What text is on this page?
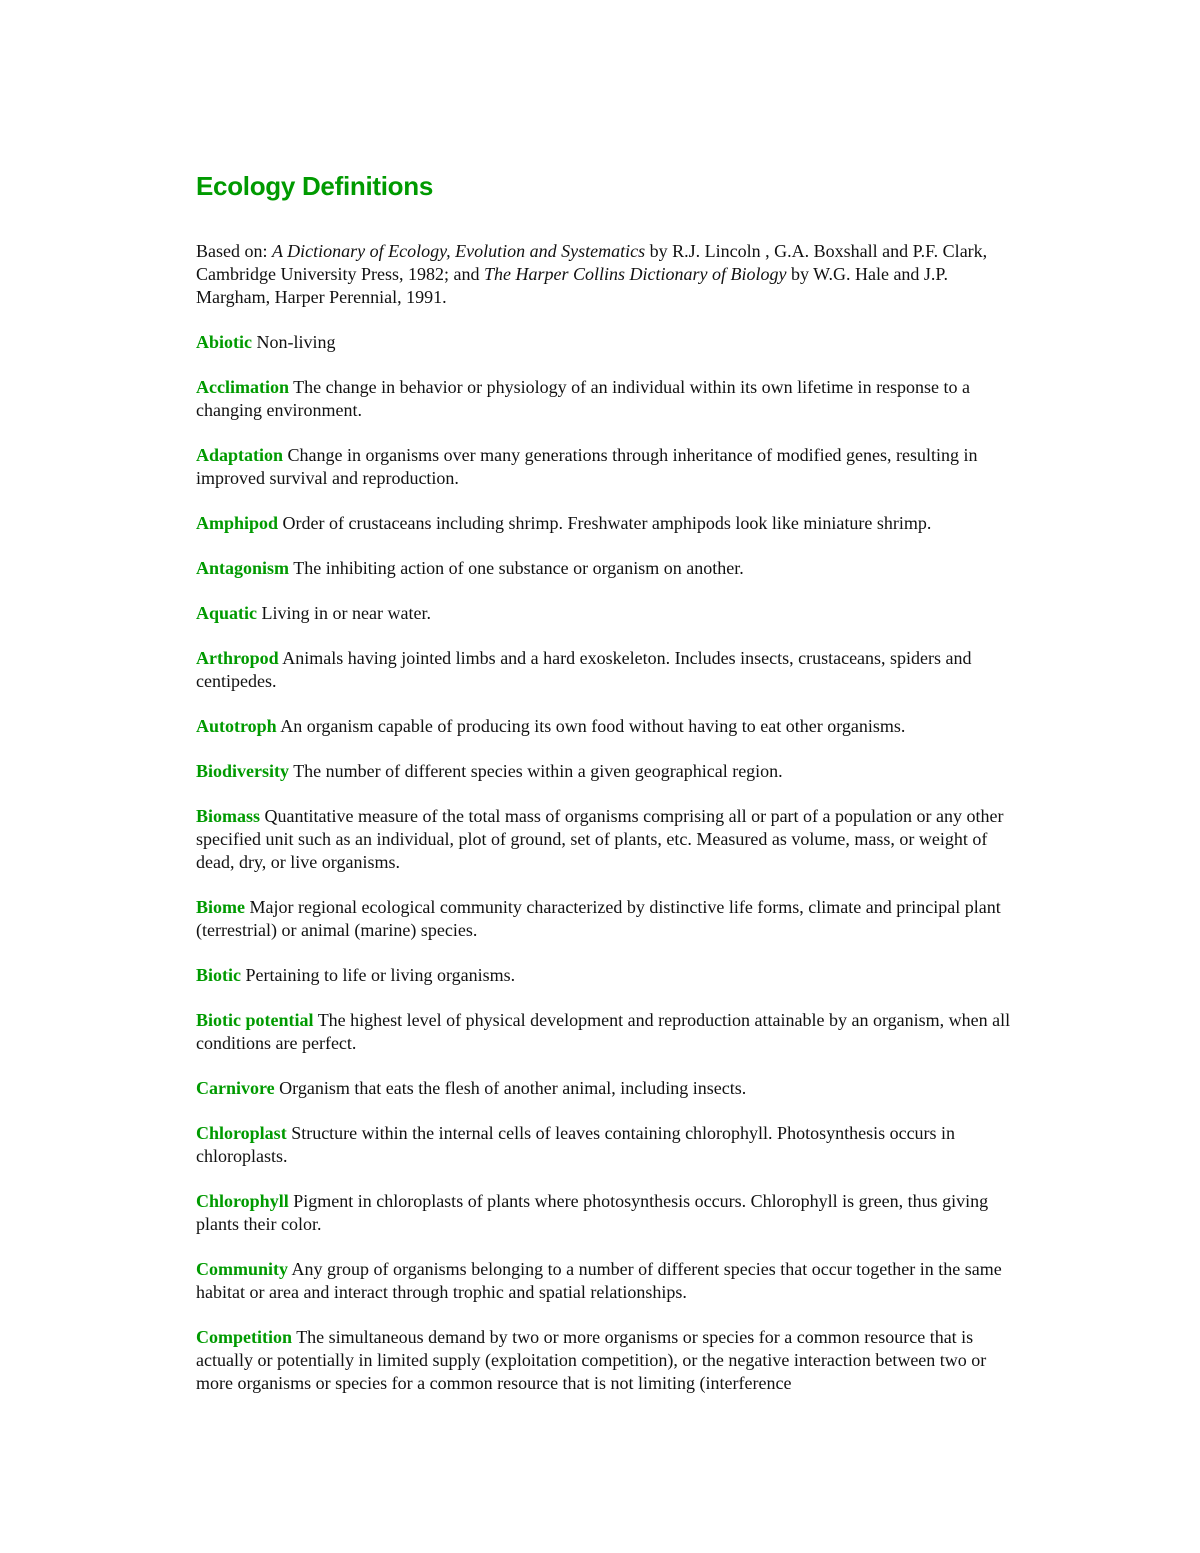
Ecology Definitions

Based on: A Dictionary of Ecology, Evolution and Systematics by R.J. Lincoln , G.A. Boxshall and P.F. Clark, Cambridge University Press, 1982; and The Harper Collins Dictionary of Biology by W.G. Hale and J.P. Margham, Harper Perennial, 1991.

Abiotic Non-living

Acclimation The change in behavior or physiology of an individual within its own lifetime in response to a changing environment.

Adaptation Change in organisms over many generations through inheritance of modified genes, resulting in improved survival and reproduction.

Amphipod Order of crustaceans including shrimp. Freshwater amphipods look like miniature shrimp.

Antagonism The inhibiting action of one substance or organism on another.

Aquatic Living in or near water.

Arthropod Animals having jointed limbs and a hard exoskeleton. Includes insects, crustaceans, spiders and centipedes.

Autotroph An organism capable of producing its own food without having to eat other organisms.

Biodiversity The number of different species within a given geographical region.

Biomass Quantitative measure of the total mass of organisms comprising all or part of a population or any other specified unit such as an individual, plot of ground, set of plants, etc. Measured as volume, mass, or weight of dead, dry, or live organisms.

Biome Major regional ecological community characterized by distinctive life forms, climate and principal plant (terrestrial) or animal (marine) species.

Biotic Pertaining to life or living organisms.

Biotic potential The highest level of physical development and reproduction attainable by an organism, when all conditions are perfect.

Carnivore Organism that eats the flesh of another animal, including insects.

Chloroplast Structure within the internal cells of leaves containing chlorophyll. Photosynthesis occurs in chloroplasts.

Chlorophyll Pigment in chloroplasts of plants where photosynthesis occurs. Chlorophyll is green, thus giving plants their color.

Community Any group of organisms belonging to a number of different species that occur together in the same habitat or area and interact through trophic and spatial relationships.

Competition The simultaneous demand by two or more organisms or species for a common resource that is actually or potentially in limited supply (exploitation competition), or the negative interaction between two or more organisms or species for a common resource that is not limiting (interference
